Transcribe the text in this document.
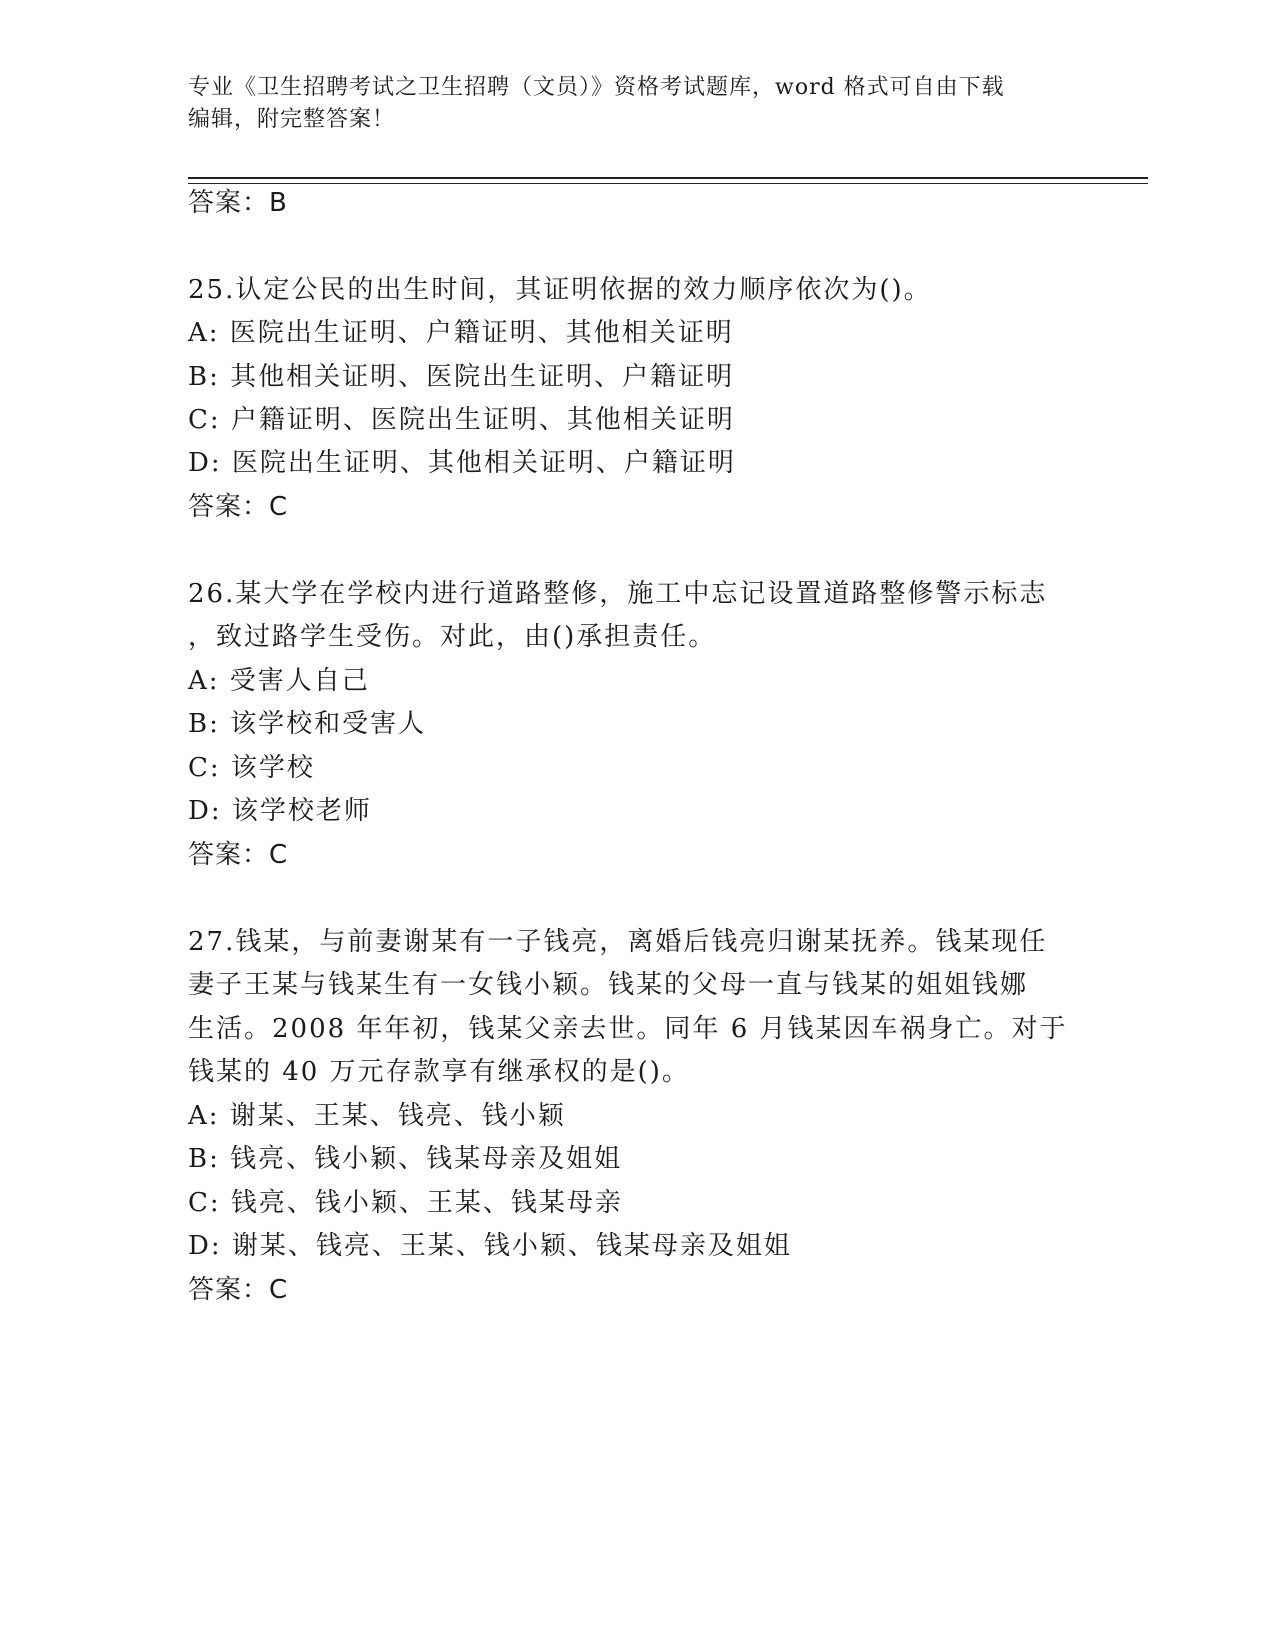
专业《卫生招聘考试之卫生招聘（文员）》资格考试题库，word 格式可自由下载
编辑，附完整答案！
答案：B
25.认定公民的出生时间，其证明依据的效力顺序依次为()。
A: 医院出生证明、户籍证明、其他相关证明
B: 其他相关证明、医院出生证明、户籍证明
C: 户籍证明、医院出生证明、其他相关证明
D: 医院出生证明、其他相关证明、户籍证明
答案：C
26.某大学在学校内进行道路整修，施工中忘记设置道路整修警示标志
，致过路学生受伤。对此，由()承担责任。
A: 受害人自己
B: 该学校和受害人
C: 该学校
D: 该学校老师
答案：C
27.钱某，与前妻谢某有一子钱亮，离婚后钱亮归谢某抚养。钱某现任
妻子王某与钱某生有一女钱小颖。钱某的父母一直与钱某的姐姐钱娜
生活。2008 年年初，钱某父亲去世。同年 6 月钱某因车祸身亡。对于
钱某的 40 万元存款享有继承权的是()。
A: 谢某、王某、钱亮、钱小颖
B: 钱亮、钱小颖、钱某母亲及姐姐
C: 钱亮、钱小颖、王某、钱某母亲
D: 谢某、钱亮、王某、钱小颖、钱某母亲及姐姐
答案：C
